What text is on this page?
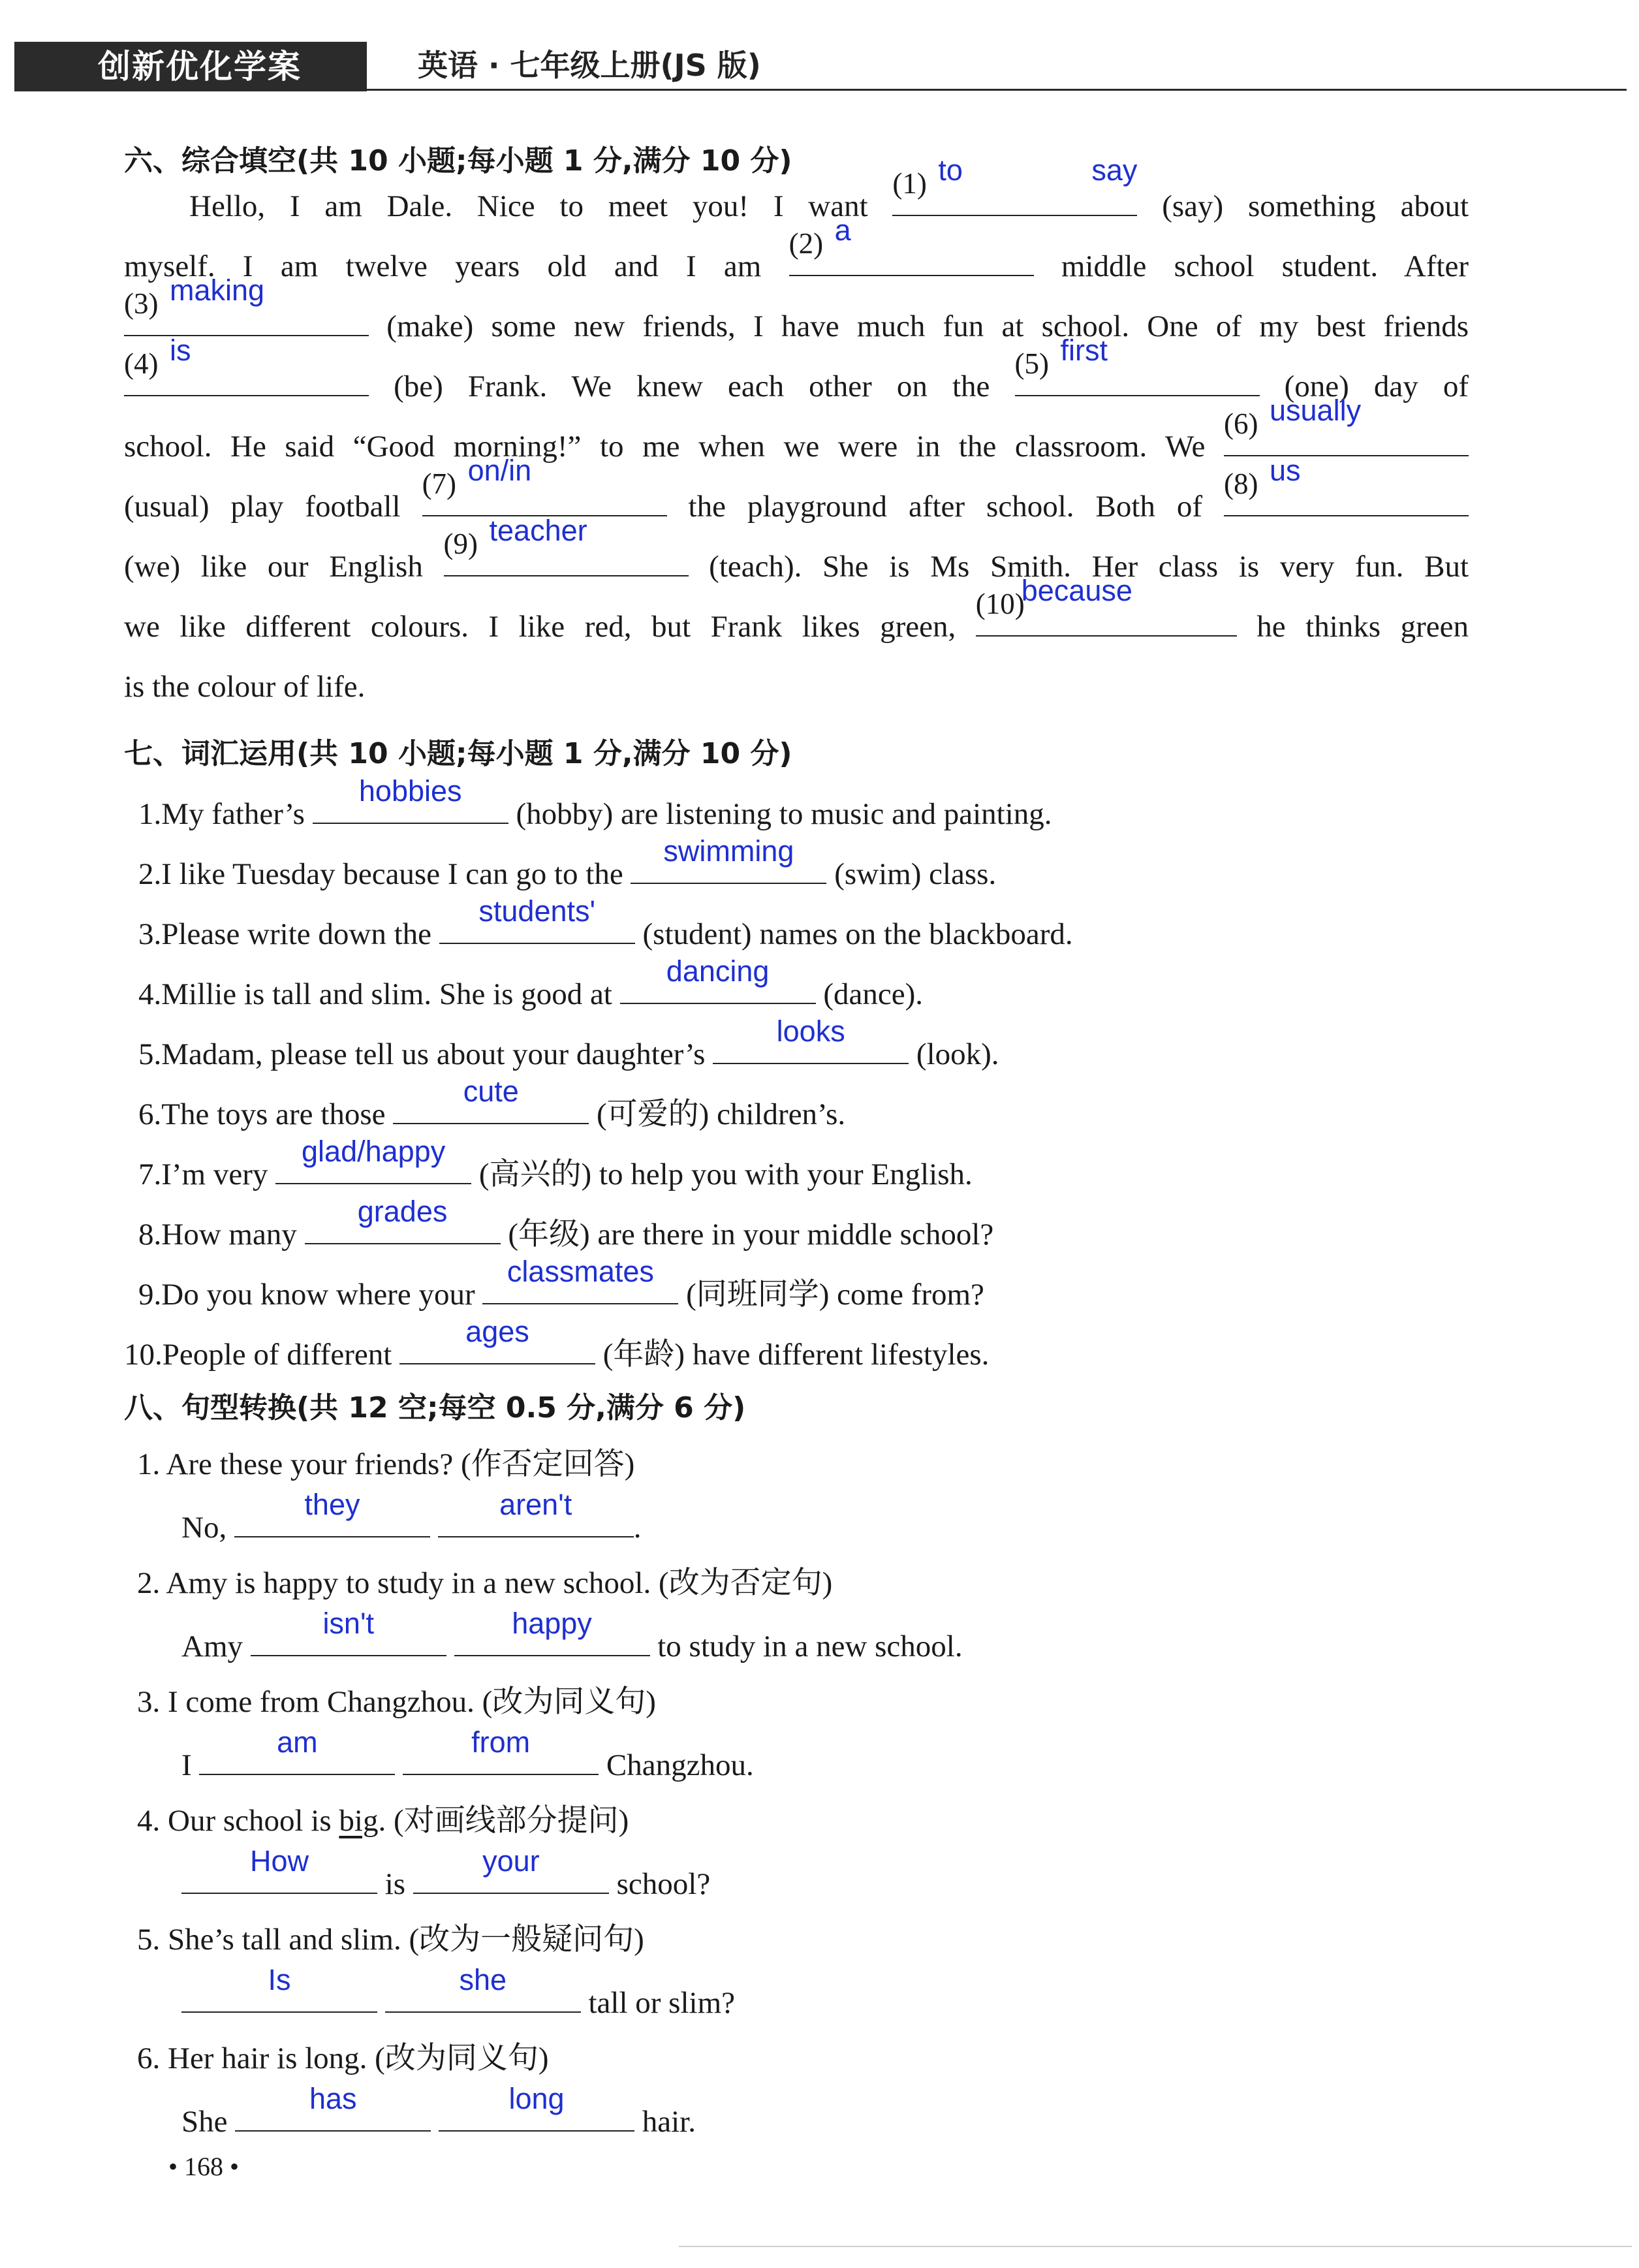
创新优化学案	英语 · 七年级上册(JS 版)
六、综合填空(共 10 小题;每小题 1 分,满分 10 分)
Hello, I am Dale. Nice to meet you! I want
(1) to say
(say) something about
myself. I am twelve years old and I am
(2) a
middle school student. After
(3) making
(make) some new friends, I have much fun at school. One of my best friends
(4) is
(be) Frank. We knew each other on the
(5) first
(one) day of
school. He said “Good morning!” to me when we were in the classroom. We
(6) usually
(usual) play football
(7) on/in
the playground after school. Both of
(8) us
(we) like our English
(9) teacher
(teach). She is Ms Smith. Her class is very fun. But
we like different colours. I like red, but Frank likes green,
(10)
because
he thinks green
is the colour of life.
七、词汇运用(共 10 小题;每小题 1 分,满分 10 分)
1.My father’s
hobbies
(hobby) are listening to music and painting.
2.I like Tuesday because I can go to the
swimming
(swim) class.
3.Please write down the
students'
(student) names on the blackboard.
4.Millie is tall and slim. She is good at
dancing
(dance).
5.Madam, please tell us about your daughter’s
looks
(look).
6.The toys are those
cute
(可爱的) children’s.
7.I’m very
glad/happy
(高兴的) to help you with your English.
8.How many
grades
(年级) are there in your middle school?
9.Do you know where your
classmates
(同班同学) come from?
10.People of different
ages
(年龄) have different lifestyles.
八、句型转换(共 12 空;每空 0.5 分,满分 6 分)
1. Are these your friends? (作否定回答)
No,
they
	aren't
.
2. Amy is happy to study in a new school. (改为否定句)
Amy
isn't
	happy
to study in a new school.
3. I come from Changzhou. (改为同义句)
I
am
	from
Changzhou.
4. Our school is big. (对画线部分提问)
How
is
your
school?
5. She’s tall and slim. (改为一般疑问句)
Is
	she
tall or slim?
6. Her hair is long. (改为同义句)
She
has
	long
hair.
• 168 •
